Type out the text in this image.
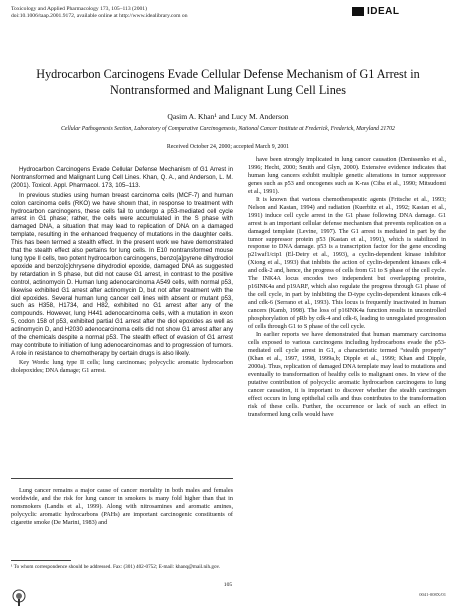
Toxicology and Applied Pharmacology 173, 105–113 (2001)
doi:10.1006/taap.2001.9172, available online at http://www.idealibrary.com on	IDEAL
Hydrocarbon Carcinogens Evade Cellular Defense Mechanism of G1 Arrest in Nontransformed and Malignant Lung Cell Lines
Qasim A. Khan¹ and Lucy M. Anderson
Cellular Pathogenesis Section, Laboratory of Comparative Carcinogenesis, National Cancer Institute at Frederick, Frederick, Maryland 21702
Received October 24, 2000; accepted March 9, 2001

Hydrocarbon Carcinogens Evade Cellular Defense Mechanism of G1 Arrest in Nontransformed and Malignant Lung Cell Lines. Khan, Q. A., and Anderson, L. M. (2001). Toxicol. Appl. Pharmacol. 173, 105–113.

In previous studies using human breast carcinoma cells (MCF-7) and human colon carcinoma cells (RKO) we have shown that, in response to treatment with hydrocarbon carcinogens, these cells fail to undergo a p53-mediated cell cycle arrest in G1 phase; rather, the cells were accumulated in the S phase with damaged DNA, a situation that may lead to replication of DNA on a damaged template, resulting in the enhanced frequency of mutations in the daughter cells. This has been termed a stealth effect. In the present work we have demonstrated that the stealth effect also pertains for lung cells. In E10 nontransformed mouse lung type II cells, two potent hydrocarbon carcinogens, benzo[a]pyrene dihydrodiol epoxide and benzo[c]chrysene dihydrodiol epoxide, damaged DNA as suggested by retardation in S phase, but did not cause G1 arrest, in contrast to the positive control, actinomycin D. Human lung adenocarcinoma A549 cells, with normal p53, likewise exhibited G1 arrest after actinomycin D, but not after treatment with the diol epoxides. Several human lung cancer cell lines with absent or mutant p53, such as H358, H1734, and H82, exhibited no G1 arrest after any of the compounds. However, lung H441 adenocarcinoma cells, with a mutation in exon 5, codon 158 of p53, exhibited partial G1 arrest after the diol epoxides as well as actinomycin D, and H2030 adenocarcinoma cells did not show G1 arrest after any of the chemicals despite a normal p53. The stealth effect of evasion of G1 arrest may contribute to initiation of lung adenocarcinomas and to progression of tumors. A role in resistance to chemotherapy by certain drugs is also likely.

Key Words: lung type II cells; lung carcinomas; polycyclic aromatic hydrocarbon diolepoxides; DNA damage; G1 arrest.

Lung cancer remains a major cause of cancer mortality in both males and females worldwide, and the risk for lung cancer in smokers is many fold higher than that in nonsmokers (Landis et al., 1999). Along with nitrosamines and aromatic amines, polycyclic aromatic hydrocarbons (PAHs) are important carcinogenic constituents of cigarette smoke (De Marini, 1983) and

¹ To whom correspondence should be addressed. Fax: (301) 402-0752; E-mail: khanq@mail.nih.gov.

have been strongly implicated in lung cancer causation (Denissenko et al., 1996; Hecht, 2000; Smith and Glyn, 2000). Extensive evidence indicates that human lung cancers exhibit multiple genetic alterations in tumor suppressor genes such as p53 and oncogenes such as K-ras (Ciba et al., 1990; Mitsudomi et al., 1991).

It is known that various chemotherapeutic agents (Fritsche et al., 1993; Nelson and Kastan, 1994) and radiation (Kuerbitz et al., 1992; Kastan et al., 1991) induce cell cycle arrest in the G1 phase following DNA damage. G1 arrest is an important cellular defense mechanism that prevents replication on a damaged template (Levine, 1997). The G1 arrest is mediated in part by the tumor suppressor protein p53 (Kastan et al., 1991), which is stabilized in response to DNA damage. p53 is a transcription factor for the gene encoding p21waf1/cip1 (El-Deiry et al., 1993), a cyclin-dependent kinase inhibitor (Xiong et al., 1993) that inhibits the action of cyclin-dependent kinases cdk-4 and cdk-2 and, hence, the progress of cells from G1 to S phase of the cell cycle. The INK4A locus encodes two independent but overlapping proteins, p16INK4a and p19ARF, which also regulate the progress through G1 phase of the cell cycle, in part by inhibiting the D-type cyclin-dependent kinases cdk-4 and cdk-6 (Serrano et al., 1993). This locus is frequently inactivated in human cancers (Kamb, 1998). The loss of p16INK4a function results in uncontrolled phosphorylation of pRb by cdk-4 and cdk-6, leading to unregulated progression of cells through G1 to S phase of the cell cycle.

In earlier reports we have demonstrated that human mammary carcinoma cells exposed to various carcinogens including hydrocarbons evade the p53-mediated cell cycle arrest in G1, a characteristic termed “stealth property” (Khan et al., 1997, 1998, 1999a,b; Dipple et al., 1999; Khan and Dipple, 2000a). Thus, replication of damaged DNA template may lead to mutations and eventually to transformation of healthy cells to malignant ones. In view of the putative contribution of polycyclic aromatic hydrocarbon carcinogens to lung cancer causation, it is important to discover whether the stealth carcinogen effect occurs in lung epithelial cells and thus contributes to the transformation risk of these cells. Further, the occurrence or lack of such an effect in transformed lung cells would have

105
0041-008X/01
